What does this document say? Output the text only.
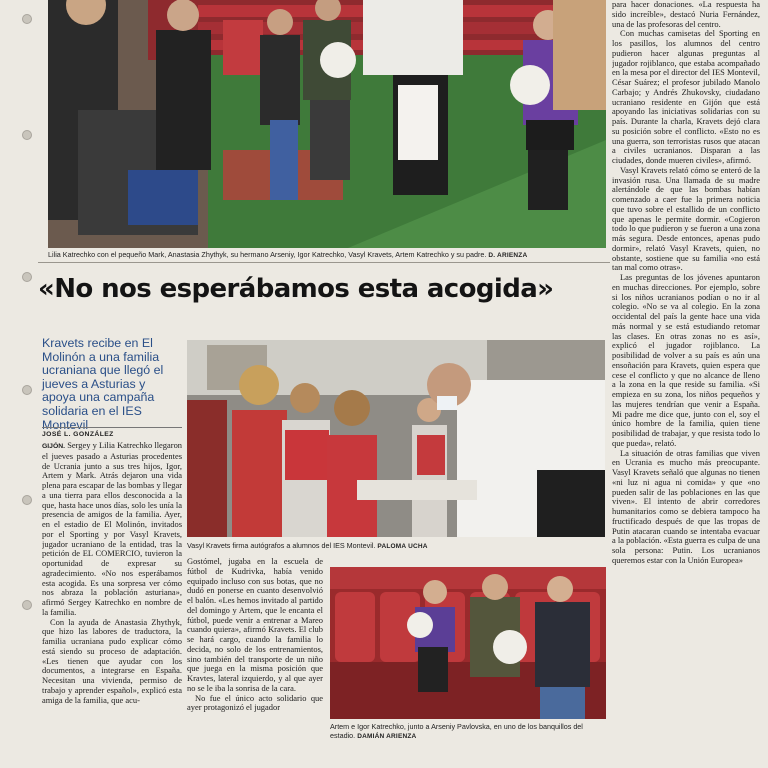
Lilia Katrechko con el pequeño Mark, Anastasia Zhythyk, su hermano Arseniy, Igor Katrechko, Vasyl Kravets, Artem Katrechko y su padre. D. ARIENZA
«No nos esperábamos esta acogida»
Kravets recibe en El Molinón a una familia ucraniana que llegó el jueves a Asturias y apoya una campaña solidaria en el IES Montevil
JOSÉ L. GONZÁLEZ

GIJÓN. Sergey y Lilia Katrechko llegaron el jueves pasado a Asturias procedentes de Ucrania junto a sus tres hijos, Igor, Artem y Mark. Atrás dejaron una vida plena para escapar de las bombas y llegar a una tierra para ellos desconocida a la que, hasta hace unos días, solo les unía la presencia de amigos de la familia. Ayer, en el estadio de El Molinón, invitados por el Sporting y por Vasyl Kravets, jugador ucraniano de la entidad, tras la petición de EL COMERCIO, tuvieron la oportunidad de expresar su agradecimiento. «No nos esperábamos esta acogida. Es una sorpresa ver cómo nos abraza la población asturiana», afirmó Sergey Katrechko en nombre de la familia.

Con la ayuda de Anastasia Zhythyk, que hizo las labores de traductora, la familia ucraniana pudo explicar cómo está siendo su proceso de adaptación. «Les tienen que ayudar con los documentos, a integrarse en España. Necesitan una vivienda, permiso de trabajo y aprender español», explicó esta amiga de la familia, que acu-

Vasyl Kravets firma autógrafos a alumnos del IES Montevil. PALOMA UCHA

Gostómel, jugaba en la escuela de fútbol de Kudrivka, había venido equipado incluso con sus botas, que no dudó en ponerse en cuanto desenvolvió el balón. «Les hemos invitado al partido del domingo y Artem, que le encanta el fútbol, puede venir a entrenar a Mareo cuando quiera», afirmó Kravets. El club se hará cargo, cuando la familia lo decida, no solo de los entrenamientos, sino también del transporte de un niño que juega en la misma posición que Kravtes, lateral izquierdo, y al que ayer no se le iba la sonrisa de la cara.

No fue el único acto solidario que ayer protagonizó el jugador

Artem e Igor Katrechko, junto a Arseniy Pavlovska, en uno de los banquillos del estadio. DAMIÁN ARIENZA

para hacer donaciones. «La respuesta ha sido increíble», destacó Nuria Fernández, una de las profesoras del centro.

Con muchas camisetas del Sporting en los pasillos, los alumnos del centro pudieron hacer algunas preguntas al jugador rojiblanco, que estaba acompañado en la mesa por el director del IES Montevil, César Suárez; el profesor jubilado Manolo Carbajo; y Andrés Zhukovsky, ciudadano ucraniano residente en Gijón que está apoyando las iniciativas solidarias con su país. Durante la charla, Kravets dejó clara su posición sobre el conflicto. «Esto no es una guerra, son terroristas rusos que atacan a civiles ucranianos. Disparan a las ciudades, donde mueren civiles», afirmó.

Vasyl Kravets relató cómo se enteró de la invasión rusa. Una llamada de su madre alertándole de que las bombas habían comenzado a caer fue la primera noticia que tuvo sobre el estallido de un conflicto que apenas le permite dormir. «Cogieron todo lo que pudieron y se fueron a una zona más segura. Desde entonces, apenas pudo dormir», relató Vasyl Kravets, quien, no obstante, sostiene que su familia «no está tan mal como otras».

Las preguntas de los jóvenes apuntaron en muchas direcciones. Por ejemplo, sobre si los niños ucranianos podían o no ir al colegio. «No se va al colegio. En la zona occidental del país la gente hace una vida más normal y se está estudiando retomar las clases. En otras zonas no es así», explicó el jugador rojiblanco. La posibilidad de volver a su país es aún una ensoñación para Kravets, quien espera que cese el conflicto y que no alcance de lleno a la zona en la que reside su familia. «Si empieza en su zona, los niños pequeños y las mujeres tendrían que venir a España. Mi padre me dice que, junto con el, soy el único hombre de la familia, quien tiene posibilidad de trabajar, y que resista todo lo que pueda», relató.

La situación de otras familias que viven en Ucrania es mucho más preocupante. Vasyl Kravets señaló que algunas no tienen «ni luz ni agua ni comida» y que «no pueden salir de las poblaciones en las que viven». El intento de abrir corredores humanitarios como se debiera tampoco ha fructificado después de que las tropas de Putin atacaran cuando se intentaba evacuar a la población. «Esta guerra es culpa de una sola persona: Putin. Los ucranianos queremos estar con la Unión Europea»
